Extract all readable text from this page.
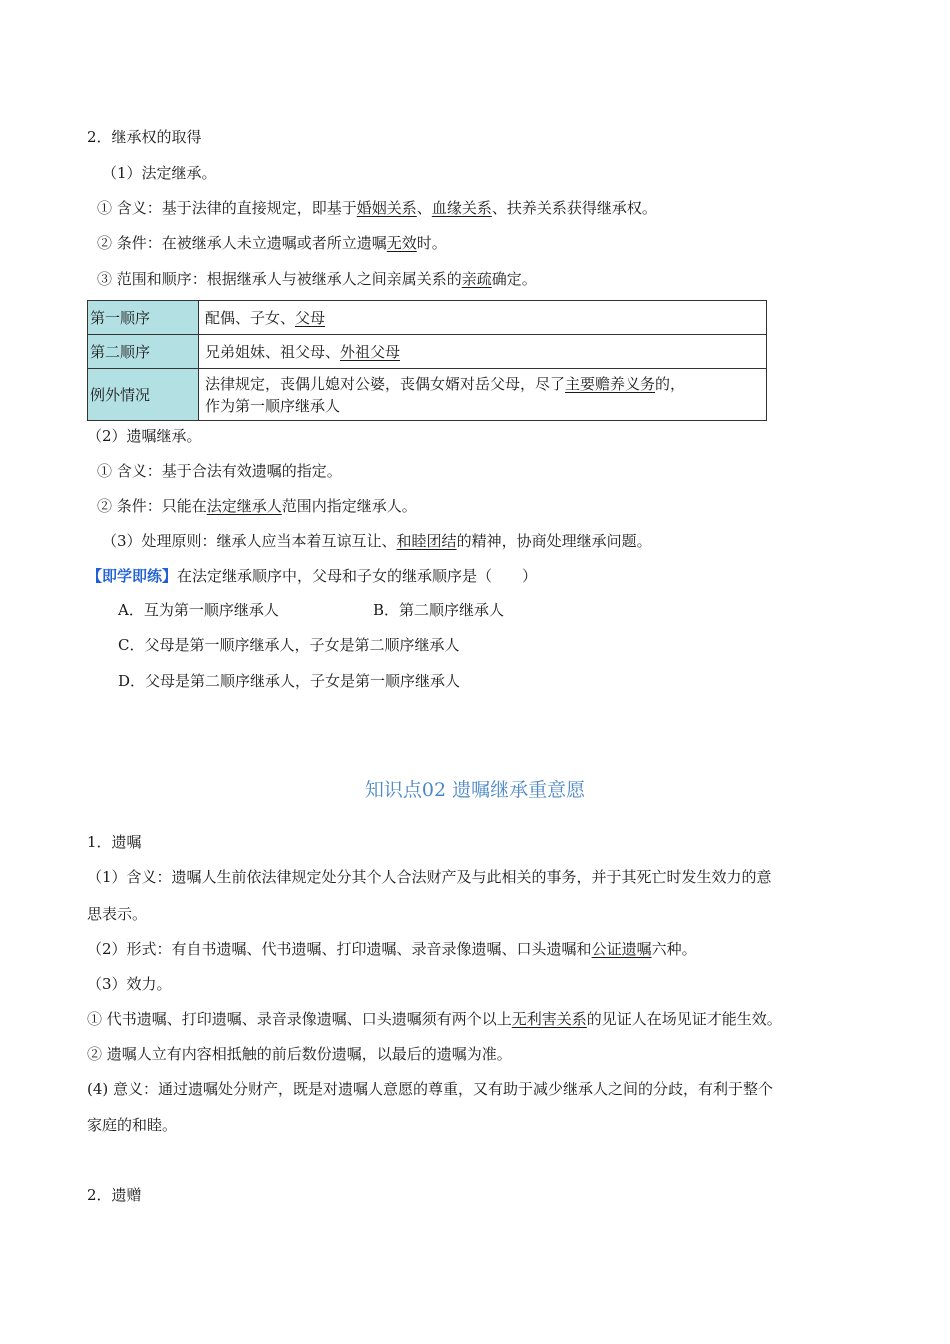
2．继承权的取得
（1）法定继承。
① 含义：基于法律的直接规定，即基于婚姻关系、血缘关系、扶养关系获得继承权。
② 条件：在被继承人未立遗嘱或者所立遗嘱无效时。
③ 范围和顺序：根据继承人与被继承人之间亲属关系的亲疏确定。
第一顺序	配偶、子女、父母
第二顺序	兄弟姐妹、祖父母、外祖父母
例外情况	法律规定，丧偶儿媳对公婆，丧偶女婿对岳父母，尽了主要赡养义务的，
作为第一顺序继承人
（2）遗嘱继承。
① 含义：基于合法有效遗嘱的指定。
② 条件：只能在法定继承人范围内指定继承人。
（3）处理原则：继承人应当本着互谅互让、和睦团结的精神，协商处理继承问题。
【即学即练】在法定继承顺序中，父母和子女的继承顺序是（　　）
A．互为第一顺序继承人	B．第二顺序继承人
C．父母是第一顺序继承人，子女是第二顺序继承人
D．父母是第二顺序继承人，子女是第一顺序继承人
知识点02 遗嘱继承重意愿
1．遗嘱
（1）含义：遗嘱人生前依法律规定处分其个人合法财产及与此相关的事务，并于其死亡时发生效力的意
思表示。
（2）形式：有自书遗嘱、代书遗嘱、打印遗嘱、录音录像遗嘱、口头遗嘱和公证遗嘱六种。
（3）效力。
① 代书遗嘱、打印遗嘱、录音录像遗嘱、口头遗嘱须有两个以上无利害关系的见证人在场见证才能生效。
② 遗嘱人立有内容相抵触的前后数份遗嘱，以最后的遗嘱为准。
(4) 意义：通过遗嘱处分财产，既是对遗嘱人意愿的尊重，又有助于减少继承人之间的分歧，有利于整个
家庭的和睦。
2．遗赠
